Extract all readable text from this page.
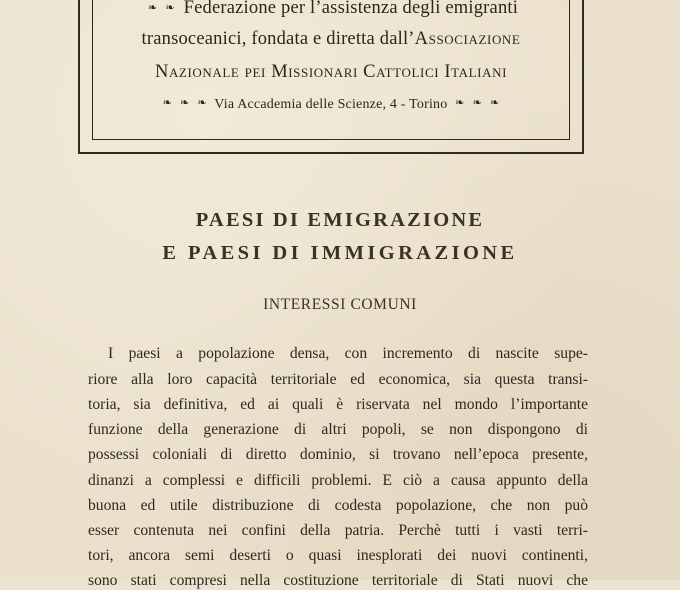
❧ ❧ Federazione per l’assistenza degli emigranti
transoceanici, fondata e diretta dall’Associazione
Nazionale pei Missionari Cattolici Italiani
❧ ❧ ❧ Via Accademia delle Scienze, 4 - Torino ❧ ❧ ❧
PAESI DI EMIGRAZIONE
E PAESI DI IMMIGRAZIONE
INTERESSI COMUNI
I paesi a popolazione densa, con incremento di nascite supe-
riore alla loro capacità territoriale ed economica, sia questa transi-
toria, sia definitiva, ed ai quali è riservata nel mondo l’importante
funzione della generazione di altri popoli, se non dispongono di
possessi coloniali di diretto dominio, si trovano nell’epoca presente,
dinanzi a complessi e difficili problemi. E ciò a causa appunto della
buona ed utile distribuzione di codesta popolazione, che non può
esser contenuta nei confini della patria. Perchè tutti i vasti terri-
tori, ancora semi deserti o quasi inesplorati dei nuovi continenti,
sono stati compresi nella costituzione territoriale di Stati nuovi che
